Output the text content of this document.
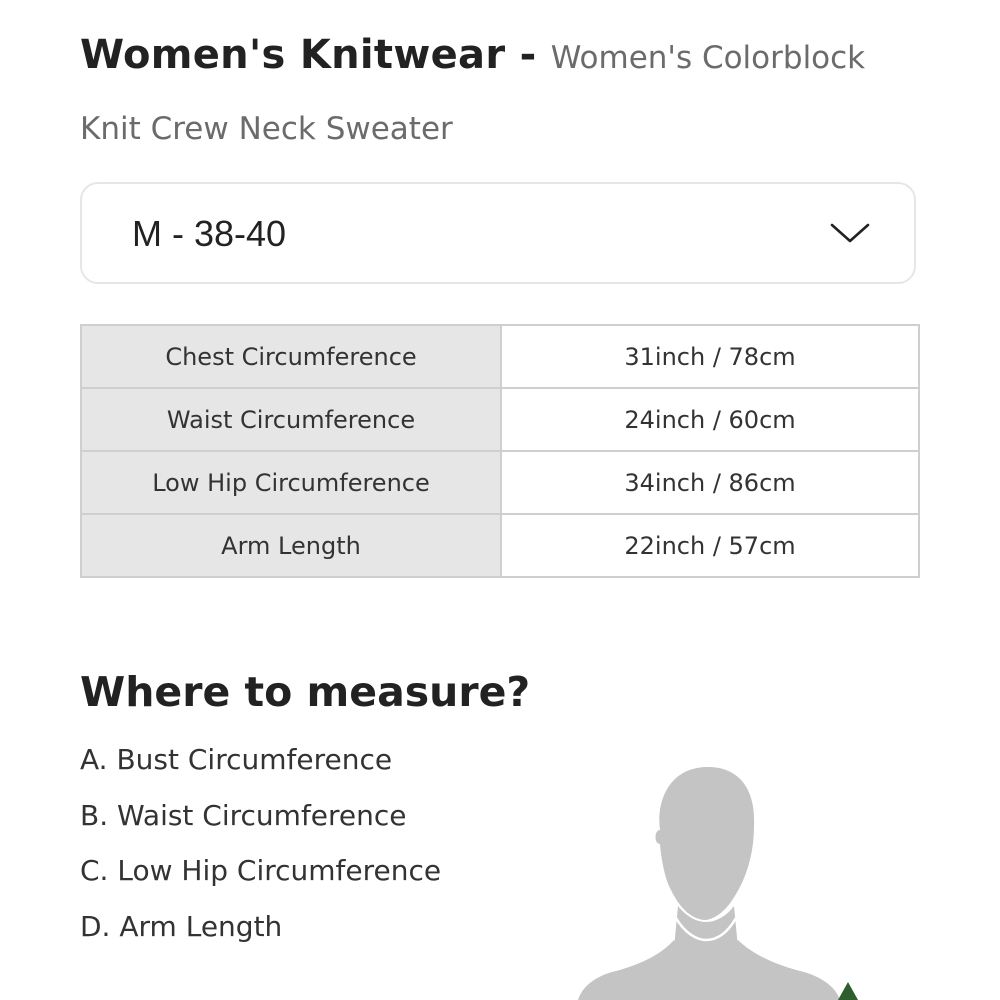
Women's Knitwear - Women's Colorblock Knit Crew Neck Sweater
M - 38-40
Chest Circumference	31inch / 78cm
Waist Circumference	24inch / 60cm
Low Hip Circumference	34inch / 86cm
Arm Length	22inch / 57cm
Where to measure?
A. Bust Circumference
B. Waist Circumference
C. Low Hip Circumference
D. Arm Length
